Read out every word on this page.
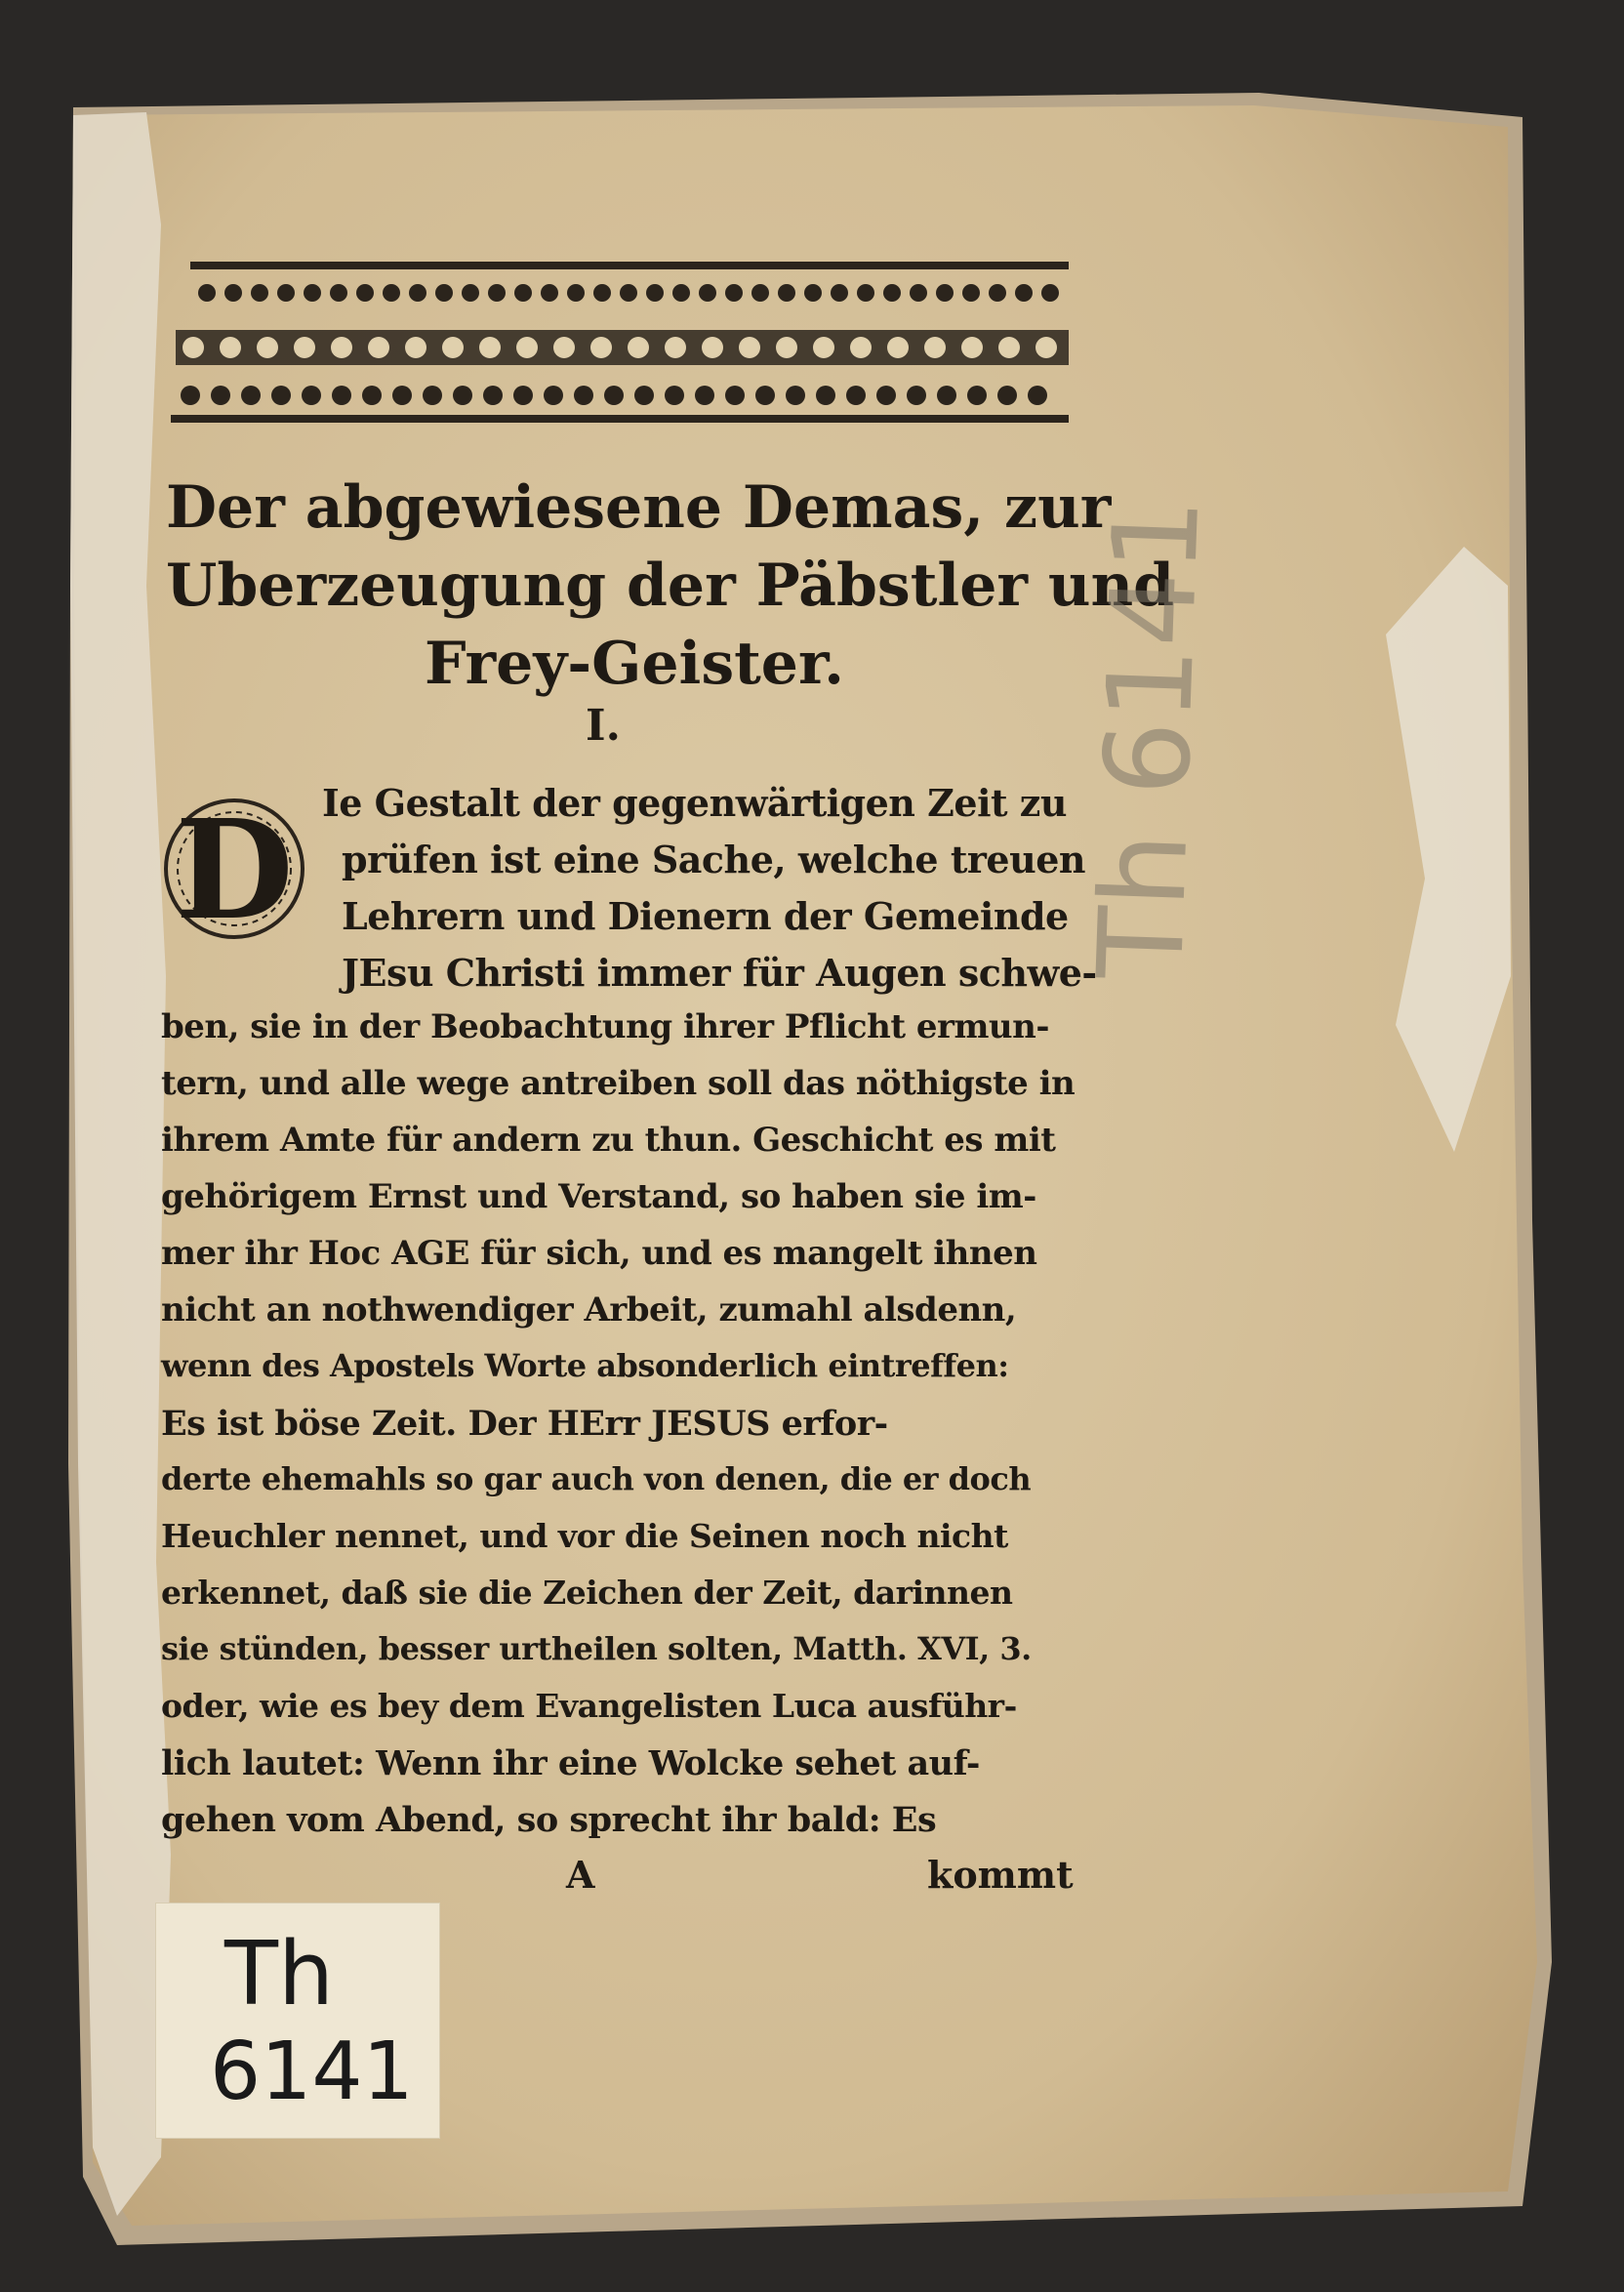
Der abgewiesene Demas, zur
Uberzeugung der Päbstler und
Frey-Geister.
I.
D Ie Gestalt der gegenwärtigen Zeit zu
prüfen ist eine Sache, welche treuen
Lehrern und Dienern der Gemeinde
JEsu Christi immer für Augen schwe-
ben, sie in der Beobachtung ihrer Pflicht ermun-
tern, und alle wege antreiben soll das nöthigste in
ihrem Amte für andern zu thun. Geschicht es mit
gehörigem Ernst und Verstand, so haben sie im-
mer ihr Hoc AGE für sich, und es mangelt ihnen
nicht an nothwendiger Arbeit, zumahl alsdenn,
wenn des Apostels Worte absonderlich eintreffen:
Es ist böse Zeit. Der HErr JESUS erfor-
derte ehemahls so gar auch von denen, die er doch
Heuchler nennet, und vor die Seinen noch nicht
erkennet, daß sie die Zeichen der Zeit, darinnen
sie stünden, besser urtheilen solten, Matth. XVI, 3.
oder, wie es bey dem Evangelisten Luca ausführ-
lich lautet: Wenn ihr eine Wolcke sehet auf-
gehen vom Abend, so sprecht ihr bald: Es
A	kommt
Th 6141
Th
6141
